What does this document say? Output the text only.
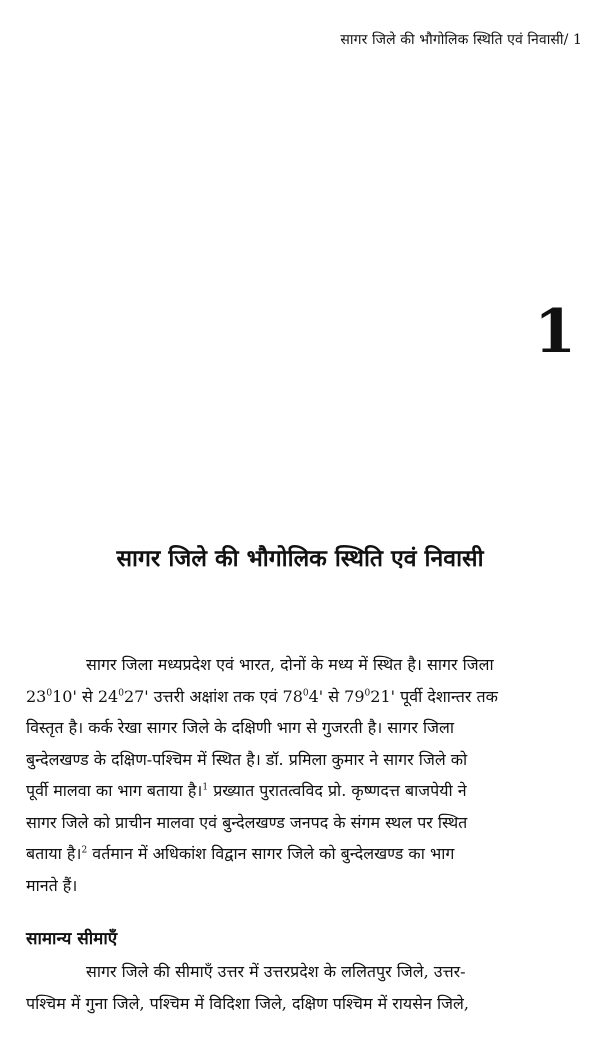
सागर जिले की भौगोलिक स्थिति एवं निवासी/ 1
1
सागर जिले की भौगोलिक स्थिति एवं निवासी

सागर जिला मध्यप्रदेश एवं भारत, दोनों के मध्य में स्थित है। सागर जिला
$23^010'$ से $24^027'$ उत्तरी अक्षांश तक एवं $78^04'$ से $79^021'$ पूर्वी देशान्तर तक
विस्तृत है। कर्क रेखा सागर जिले के दक्षिणी भाग से गुजरती है। सागर जिला
बुन्देलखण्ड के दक्षिण-पश्चिम में स्थित है। डॉ. प्रमिला कुमार ने सागर जिले को
पूर्वी मालवा का भाग बताया है।$^1$ प्रख्यात पुरातत्वविद प्रो. कृष्णदत्त बाजपेयी ने
सागर जिले को प्राचीन मालवा एवं बुन्देलखण्ड जनपद के संगम स्थल पर स्थित
बताया है।$^2$ वर्तमान में अधिकांश विद्वान सागर जिले को बुन्देलखण्ड का भाग
मानते हैं।

सामान्य सीमाएँ

सागर जिले की सीमाएँ उत्तर में उत्तरप्रदेश के ललितपुर जिले, उत्तर-
पश्चिम में गुना जिले, पश्चिम में विदिशा जिले, दक्षिण पश्चिम में रायसेन जिले,
